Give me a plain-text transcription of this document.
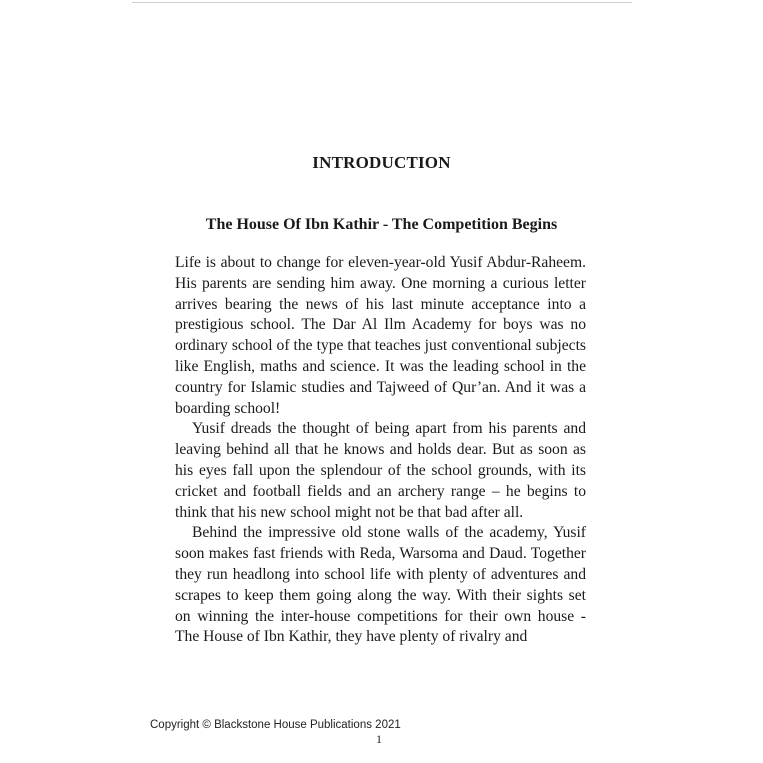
INTRODUCTION
The House Of Ibn Kathir - The Competition Begins

Life is about to change for eleven-year-old Yusif Abdur-Raheem. His parents are sending him away. One morning a curious letter arrives bearing the news of his last minute acceptance into a prestigious school. The Dar Al Ilm Academy for boys was no ordinary school of the type that teaches just conventional subjects like English, maths and science. It was the leading school in the country for Islamic studies and Tajweed of Qur’an. And it was a boarding school!

Yusif dreads the thought of being apart from his parents and leaving behind all that he knows and holds dear. But as soon as his eyes fall upon the splendour of the school grounds, with its cricket and football fields and an archery range – he begins to think that his new school might not be that bad after all.

Behind the impressive old stone walls of the academy, Yusif soon makes fast friends with Reda, Warsoma and Daud. Together they run headlong into school life with plenty of adventures and scrapes to keep them going along the way. With their sights set on winning the inter-house competitions for their own house - The House of Ibn Kathir, they have plenty of rivalry and

Copyright © Blackstone House Publications 2021
1
